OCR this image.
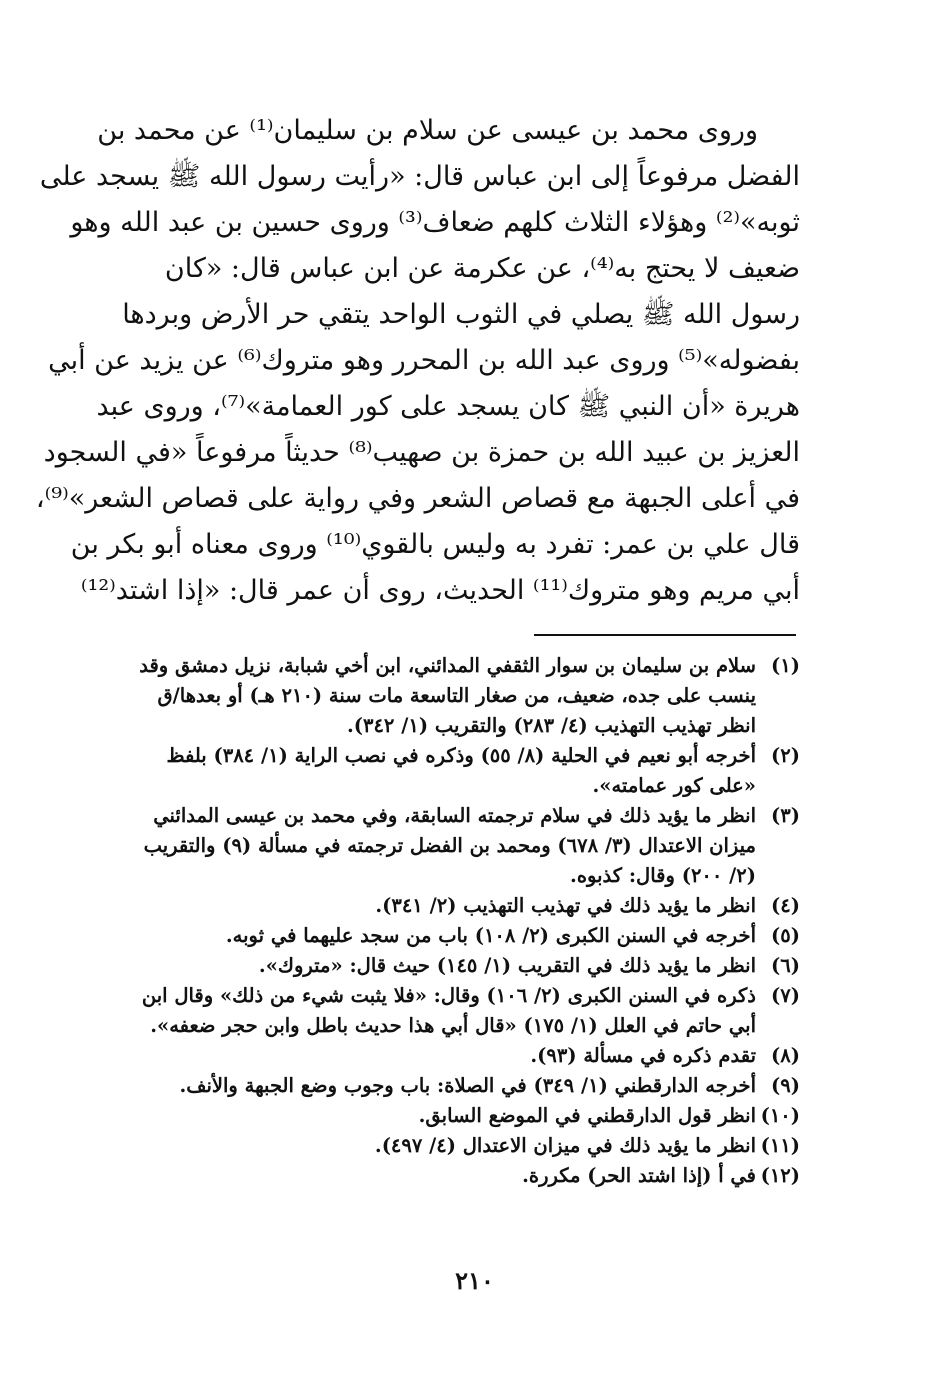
وروى محمد بن عيسى عن سلام بن سليمان⁽¹⁾ عن محمد بن
الفضل مرفوعاً إلى ابن عباس قال: «رأيت رسول الله ﷺ يسجد على
ثوبه»⁽²⁾ وهؤلاء الثلاث كلهم ضعاف⁽³⁾ وروى حسين بن عبد الله وهو
ضعيف لا يحتج به⁽⁴⁾، عن عكرمة عن ابن عباس قال: «كان
رسول الله ﷺ يصلي في الثوب الواحد يتقي حر الأرض وبردها
بفضوله»⁽⁵⁾ وروى عبد الله بن المحرر وهو متروك⁽⁶⁾ عن يزيد عن أبي
هريرة «أن النبي ﷺ كان يسجد على كور العمامة»⁽⁷⁾، وروى عبد
العزيز بن عبيد الله بن حمزة بن صهيب⁽⁸⁾ حديثاً مرفوعاً «في السجود
في أعلى الجبهة مع قصاص الشعر وفي رواية على قصاص الشعر»⁽⁹⁾،
قال علي بن عمر: تفرد به وليس بالقوي⁽¹⁰⁾ وروى معناه أبو بكر بن
أبي مريم وهو متروك⁽¹¹⁾ الحديث، روى أن عمر قال: «إذا اشتد⁽¹²⁾
(١)
سلام بن سليمان بن سوار الثقفي المدائني، ابن أخي شبابة، نزيل دمشق وقد
ينسب على جده، ضعيف، من صغار التاسعة مات سنة (٢١٠ هـ) أو بعدها/ق
انظر تهذيب التهذيب (٤/ ٢٨٣) والتقريب (١/ ٣٤٢).
(٢)
أخرجه أبو نعيم في الحلية (٨/ ٥٥) وذكره في نصب الراية (١/ ٣٨٤) بلفظ
«على كور عمامته».
(٣)
انظر ما يؤيد ذلك في سلام ترجمته السابقة، وفي محمد بن عيسى المدائني
ميزان الاعتدال (٣/ ٦٧٨) ومحمد بن الفضل ترجمته في مسألة (٩) والتقريب
(٢/ ٢٠٠) وقال: كذبوه.
(٤)
انظر ما يؤيد ذلك في تهذيب التهذيب (٢/ ٣٤١).
(٥)
أخرجه في السنن الكبرى (٢/ ١٠٨) باب من سجد عليهما في ثوبه.
(٦)
انظر ما يؤيد ذلك في التقريب (١/ ١٤٥) حيث قال: «متروك».
(٧)
ذكره في السنن الكبرى (٢/ ١٠٦) وقال: «فلا يثبت شيء من ذلك» وقال ابن
أبي حاتم في العلل (١/ ١٧٥) «قال أبي هذا حديث باطل وابن حجر ضعفه».
(٨)
تقدم ذكره في مسألة (٩٣).
(٩)
أخرجه الدارقطني (١/ ٣٤٩) في الصلاة: باب وجوب وضع الجبهة والأنف.
(١٠)
انظر قول الدارقطني في الموضع السابق.
(١١)
انظر ما يؤيد ذلك في ميزان الاعتدال (٤/ ٤٩٧).
(١٢)
في أ (إذا اشتد الحر) مكررة.
٢١٠
